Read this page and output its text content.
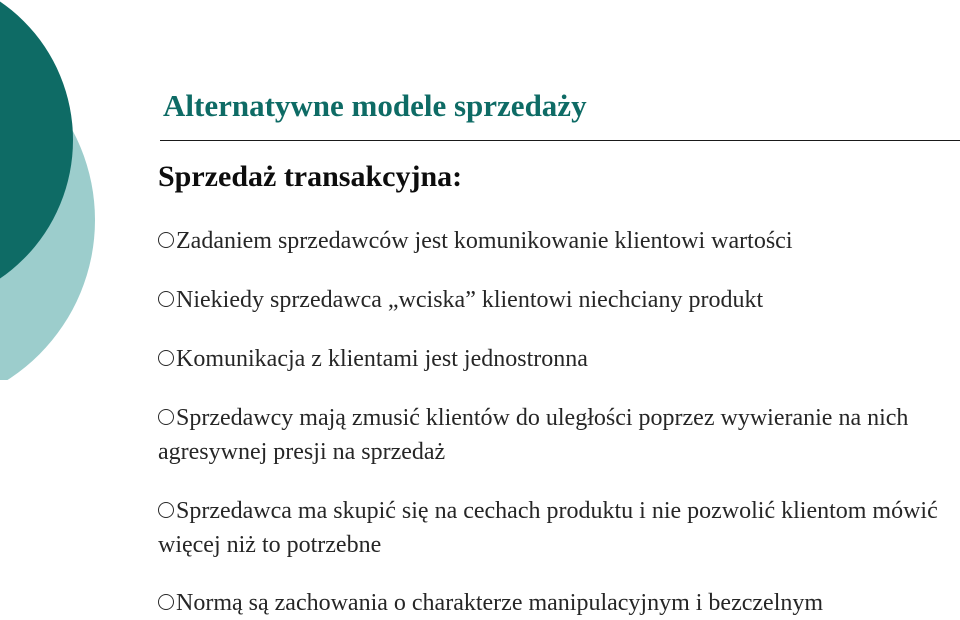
Alternatywne modele sprzedaży
Sprzedaż transakcyjna:
Zadaniem sprzedawców jest komunikowanie klientowi wartości
Niekiedy sprzedawca „wciska” klientowi niechciany produkt
Komunikacja z klientami jest jednostronna
Sprzedawcy mają zmusić klientów do uległości poprzez wywieranie na nich agresywnej presji na sprzedaż
Sprzedawca ma skupić się na cechach produktu i nie pozwolić klientom mówić więcej niż to potrzebne
Normą są zachowania o charakterze manipulacyjnym i bezczelnym
